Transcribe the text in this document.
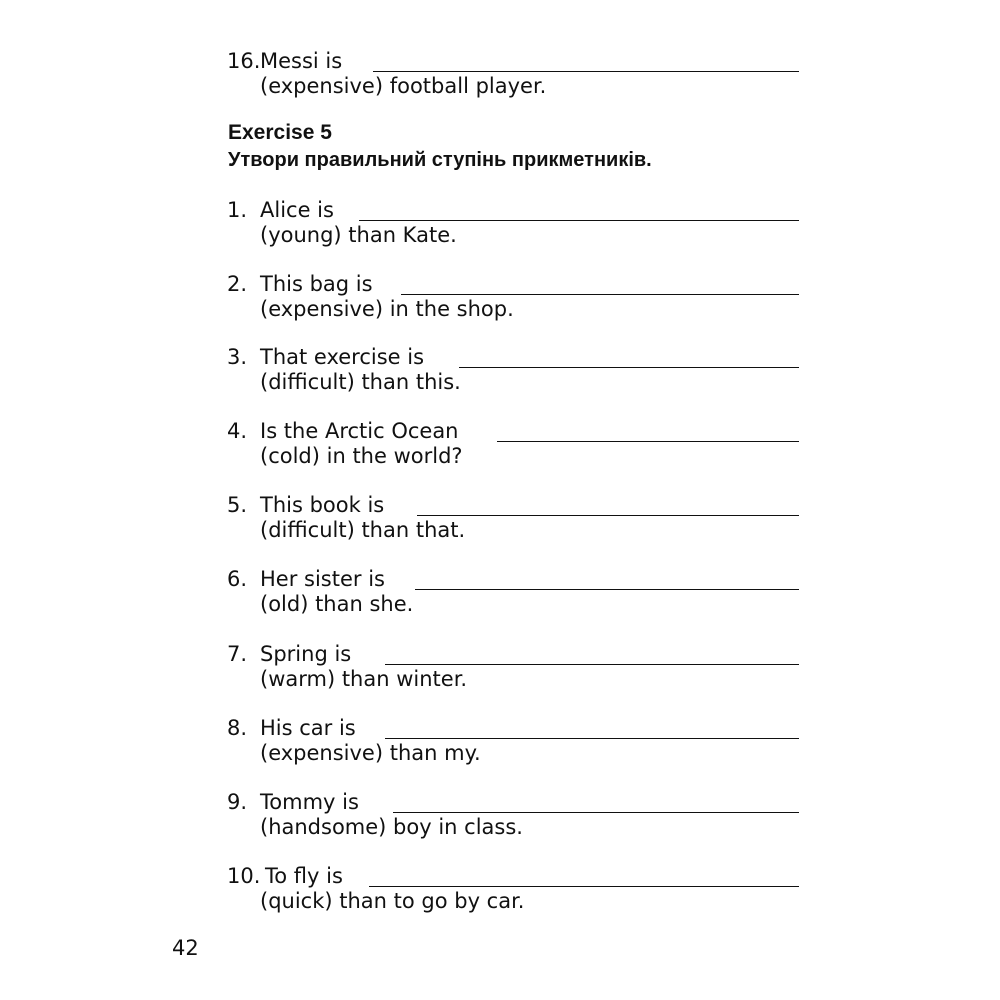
16. Messi is
(expensive) football player.
Exercise 5
Утвори правильний ступінь прикметників.
1. Alice is
(young) than Kate.
2. This bag is
(expensive) in the shop.
3. That exercise is
(difficult) than this.
4. Is the Arctic Ocean
(cold) in the world?
5. This book is
(difficult) than that.
6. Her sister is
(old) than she.
7. Spring is
(warm) than winter.
8. His car is
(expensive) than my.
9. Tommy is
(handsome) boy in class.
10. To fly is
(quick) than to go by car.
42
